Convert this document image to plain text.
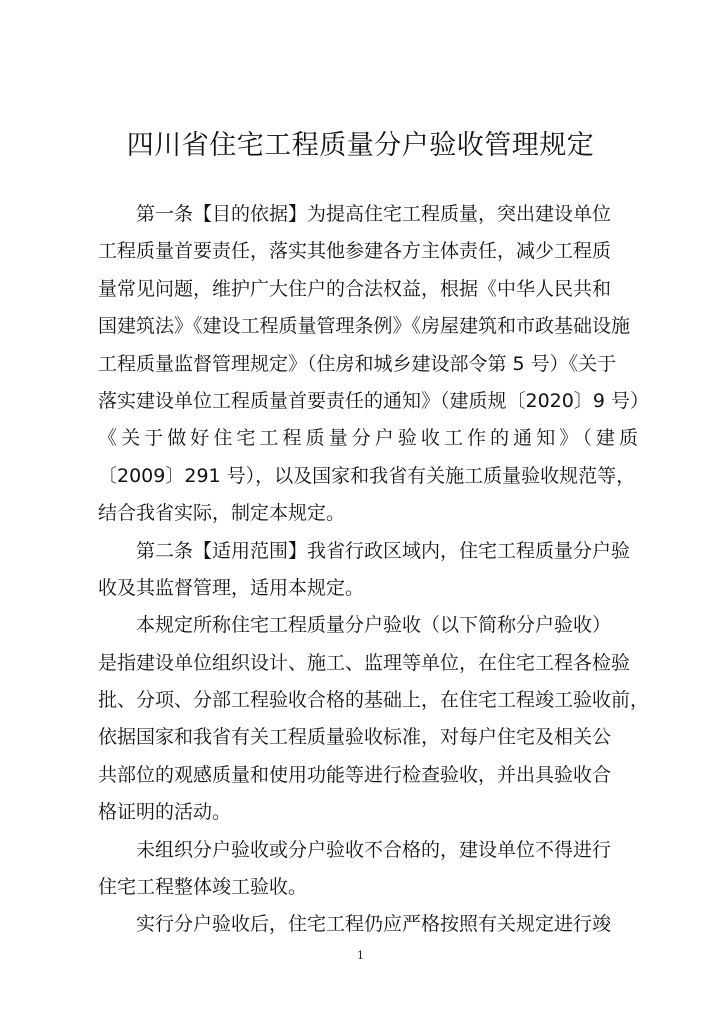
四川省住宅工程质量分户验收管理规定
第一条【目的依据】为提高住宅工程质量，突出建设单位
工程质量首要责任，落实其他参建各方主体责任，减少工程质
量常见问题，维护广大住户的合法权益，根据《中华人民共和
国建筑法》《建设工程质量管理条例》《房屋建筑和市政基础设施
工程质量监督管理规定》（住房和城乡建设部令第 5 号）《关于
落实建设单位工程质量首要责任的通知》（建质规〔2020〕9 号）
《关于做好住宅工程质量分户验收工作的通知》（建质
〔2009〕291 号），以及国家和我省有关施工质量验收规范等，
结合我省实际，制定本规定。
第二条【适用范围】我省行政区域内，住宅工程质量分户验
收及其监督管理，适用本规定。
本规定所称住宅工程质量分户验收（以下简称分户验收）
是指建设单位组织设计、施工、监理等单位，在住宅工程各检验
批、分项、分部工程验收合格的基础上，在住宅工程竣工验收前，
依据国家和我省有关工程质量验收标准，对每户住宅及相关公
共部位的观感质量和使用功能等进行检查验收，并出具验收合
格证明的活动。
未组织分户验收或分户验收不合格的，建设单位不得进行
住宅工程整体竣工验收。
实行分户验收后，住宅工程仍应严格按照有关规定进行竣
1
